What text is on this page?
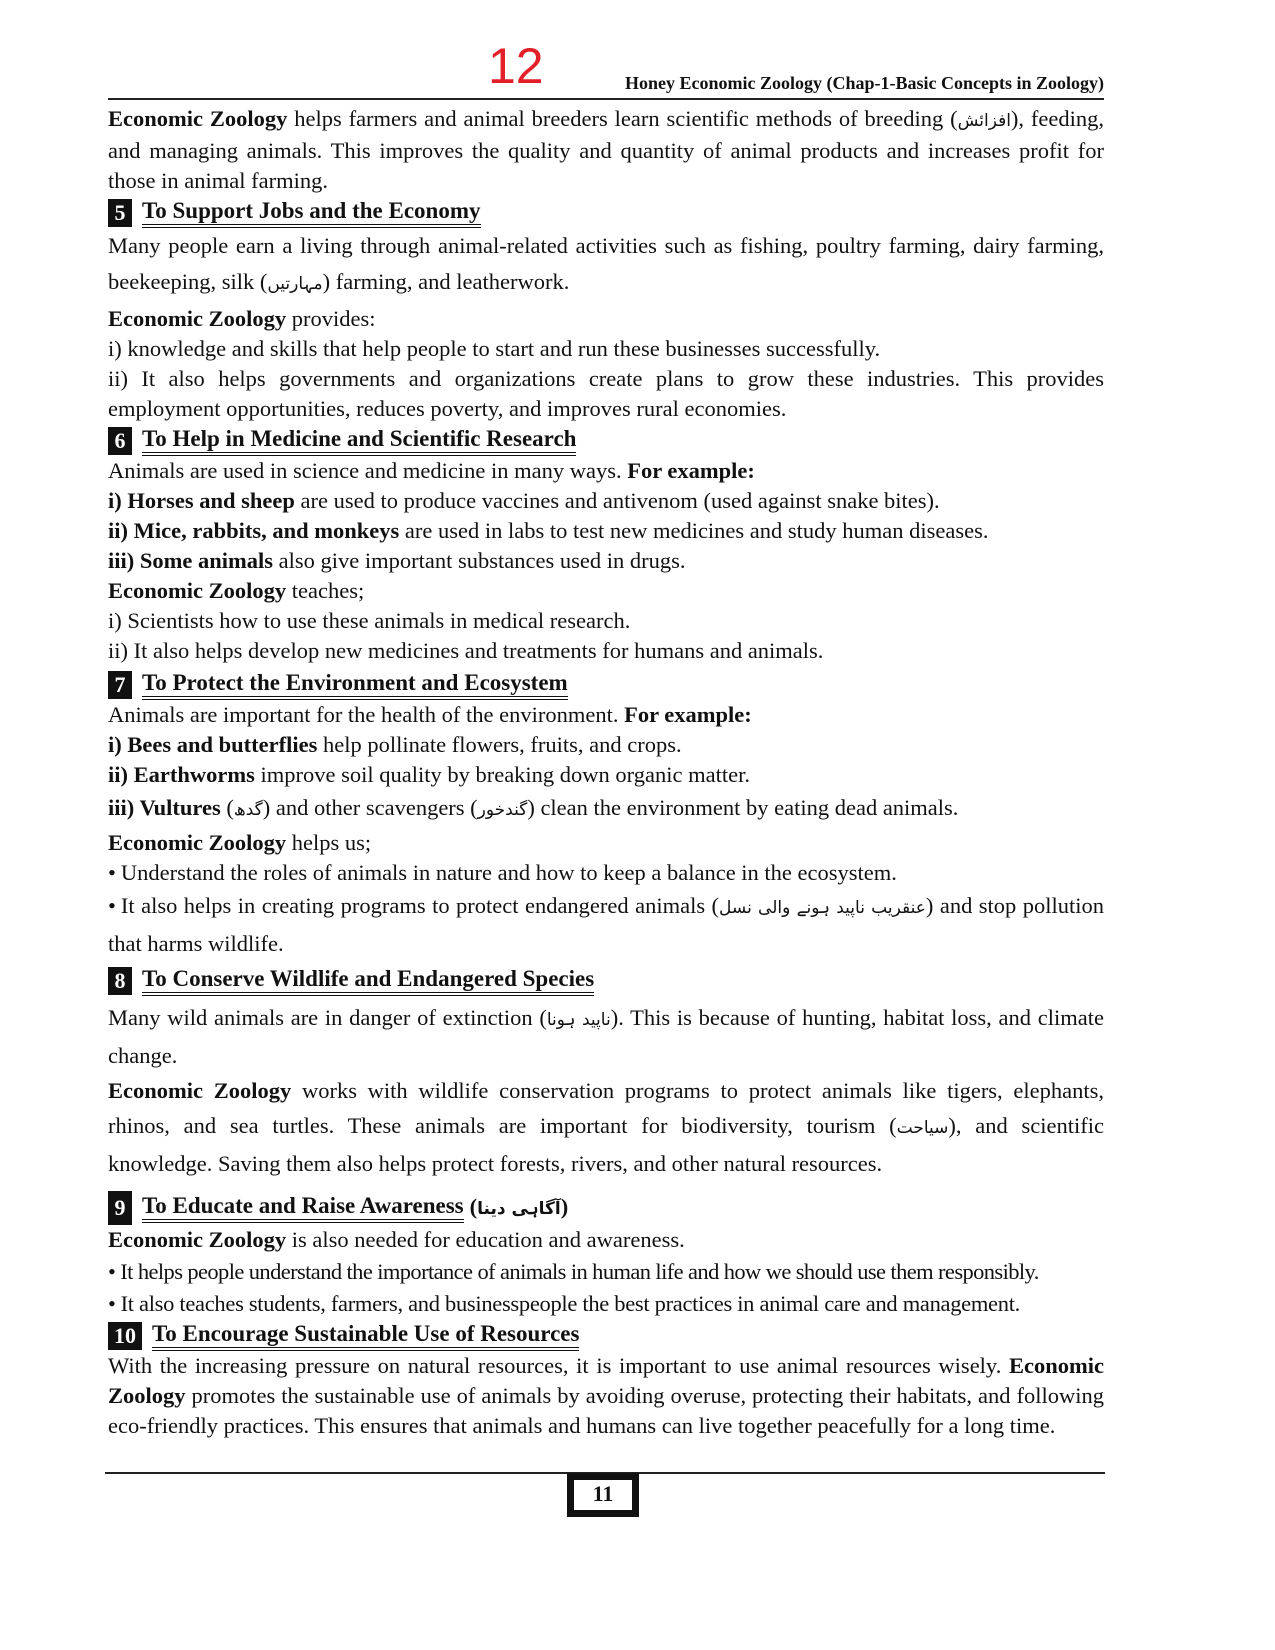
12	Honey Economic Zoology (Chap-1-Basic Concepts in Zoology)

Economic Zoology helps farmers and animal breeders learn scientific methods of breeding (افزائش), feeding, and managing animals. This improves the quality and quantity of animal products and increases profit for those in animal farming.

5 To Support Jobs and the Economy

Many people earn a living through animal-related activities such as fishing, poultry farming, dairy farming, beekeeping, silk (مہارتیں) farming, and leatherwork.

Economic Zoology provides:

i) knowledge and skills that help people to start and run these businesses successfully.

ii) It also helps governments and organizations create plans to grow these industries. This provides employment opportunities, reduces poverty, and improves rural economies.

6 To Help in Medicine and Scientific Research

Animals are used in science and medicine in many ways. For example:

i) Horses and sheep are used to produce vaccines and antivenom (used against snake bites).

ii) Mice, rabbits, and monkeys are used in labs to test new medicines and study human diseases.

iii) Some animals also give important substances used in drugs.

Economic Zoology teaches;

i) Scientists how to use these animals in medical research.

ii) It also helps develop new medicines and treatments for humans and animals.

7 To Protect the Environment and Ecosystem

Animals are important for the health of the environment. For example:

i) Bees and butterflies help pollinate flowers, fruits, and crops.

ii) Earthworms improve soil quality by breaking down organic matter.

iii) Vultures (گدھ) and other scavengers (گندخور) clean the environment by eating dead animals.

Economic Zoology helps us;

• Understand the roles of animals in nature and how to keep a balance in the ecosystem.

• It also helps in creating programs to protect endangered animals (عنقریب ناپید ہونے والی نسل) and stop pollution that harms wildlife.

8 To Conserve Wildlife and Endangered Species

Many wild animals are in danger of extinction (ناپید ہونا). This is because of hunting, habitat loss, and climate change.

Economic Zoology works with wildlife conservation programs to protect animals like tigers, elephants, rhinos, and sea turtles. These animals are important for biodiversity, tourism (سیاحت), and scientific knowledge. Saving them also helps protect forests, rivers, and other natural resources.

9 To Educate and Raise Awareness (آگاہی دینا)

Economic Zoology is also needed for education and awareness.

• It helps people understand the importance of animals in human life and how we should use them responsibly.

• It also teaches students, farmers, and businesspeople the best practices in animal care and management.

10 To Encourage Sustainable Use of Resources

With the increasing pressure on natural resources, it is important to use animal resources wisely. Economic Zoology promotes the sustainable use of animals by avoiding overuse, protecting their habitats, and following eco-friendly practices. This ensures that animals and humans can live together peacefully for a long time.

11
